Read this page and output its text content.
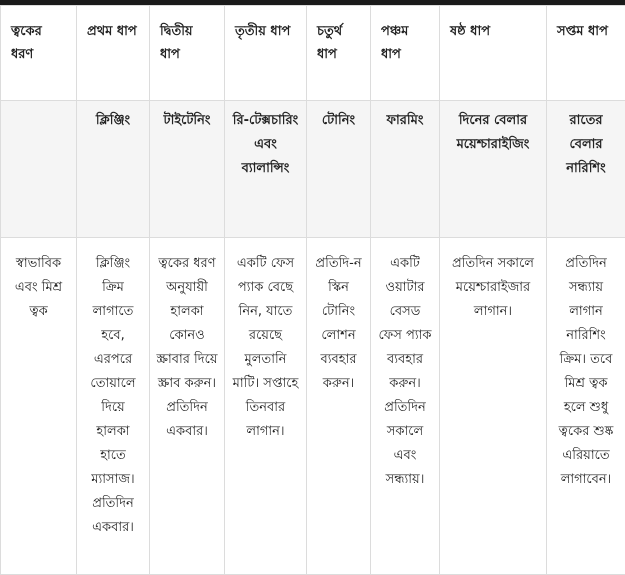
ত্বকের ধরণ	প্রথম ধাপ	দ্বিতীয় ধাপ	তৃতীয় ধাপ	চতুর্থ ধাপ	পঞ্চম ধাপ	ষষ্ঠ ধাপ	সপ্তম ধাপ
	ক্লিঞ্জিং	টাইটেনিং	রি-টেক্সচারিং এবং ব্যালান্সিং	টোনিং	ফারমিং	দিনের বেলার ময়েশ্চারাইজিং	রাতের বেলার নারিশিং
স্বাভাবিক এবং মিশ্র ত্বক	ক্লিঞ্জিং ক্রিম লাগাতে হবে, এরপরে তোয়ালে দিয়ে হালকা হাতে ম্যাসাজ। প্রতিদিন একবার।	ত্বকের ধরণ অনুযায়ী হালকা কোনও স্ক্রাবার দিয়ে স্ক্রাব করুন। প্রতিদিন একবার।	একটি ফেস প্যাক বেছে নিন, যাতে রয়েছে মুলতানি মাটি। সপ্তাহে তিনবার লাগান।	প্রতিদি-ন স্কিন টোনিং লোশন ব্যবহার করুন।	একটি ওয়াটার বেসড ফেস প্যাক ব্যবহার করুন। প্রতিদিন সকালে এবং সন্ধ্যায়।	প্রতিদিন সকালে ময়েশ্চারাইজার লাগান।	প্রতিদিন সন্ধ্যায় লাগান নারিশিং ক্রিম। তবে মিশ্র ত্বক হলে শুধু ত্বকের শুষ্ক এরিয়াতে লাগাবেন।
